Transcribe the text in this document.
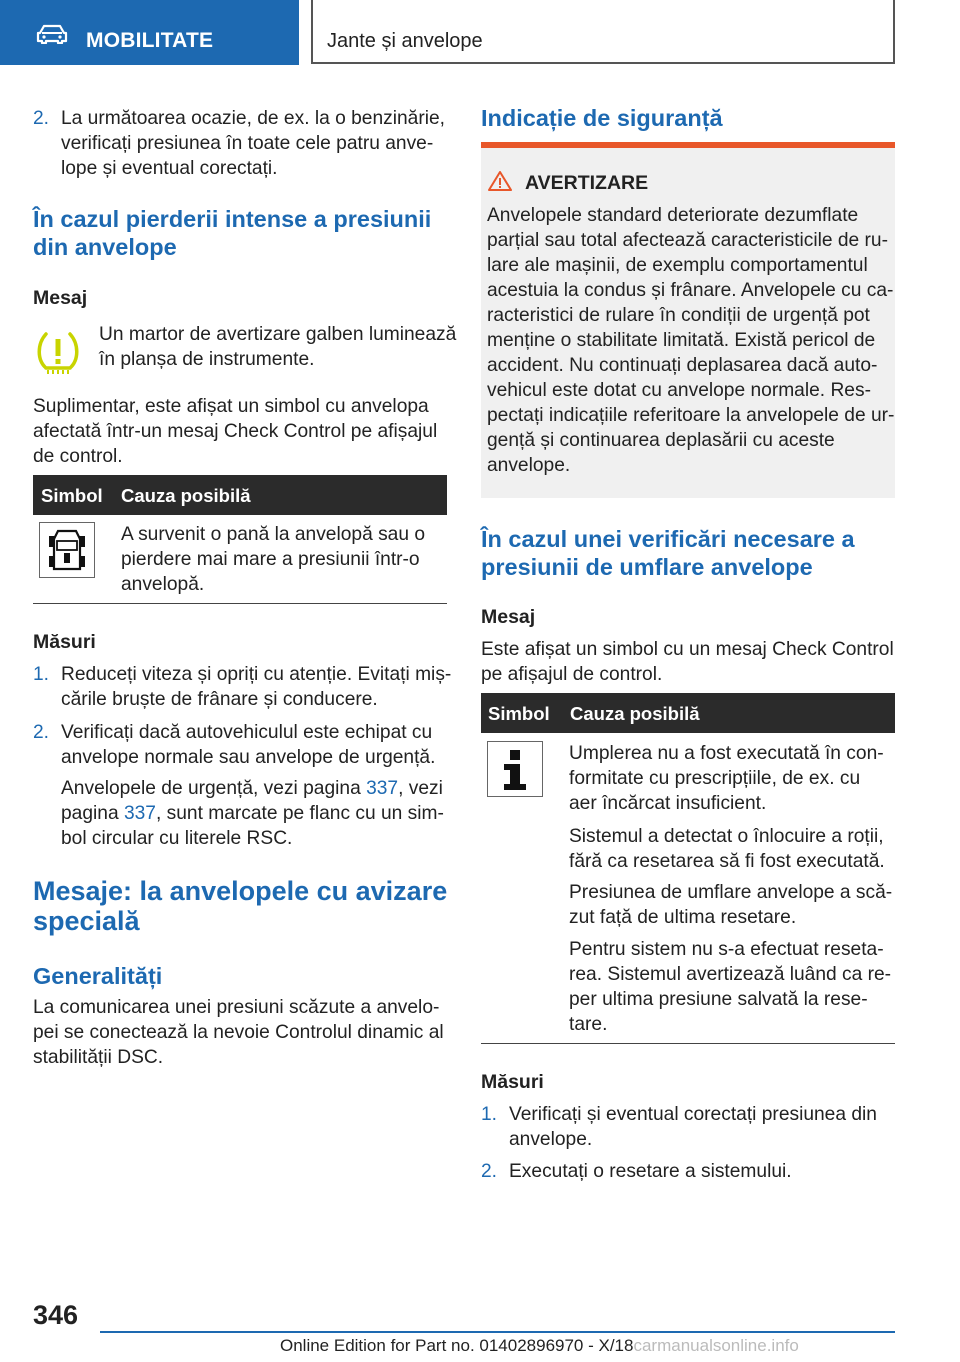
MOBILITATE	Jante și anvelope
2. La următoarea ocazie, de ex. la o benzinărie,
verificați presiunea în toate cele patru anve-
lope și eventual corectați.
În cazul pierderii intense a presiunii
din anvelope
Mesaj
Un martor de avertizare galben luminează
în planșa de instrumente.
Suplimentar, este afișat un simbol cu anvelopa
afectată într-un mesaj Check Control pe afișajul
de control.
Simbol Cauza posibilă
A survenit o pană la anvelopă sau o
pierdere mai mare a presiunii într-o
anvelopă.
Măsuri
1. Reduceți viteza și opriți cu atenție. Evitați miș-
cările bruște de frânare și conducere.
2. Verificați dacă autovehiculul este echipat cu
anvelope normale sau anvelope de urgență.
Anvelopele de urgență, vezi pagina 337, vezi
pagina 337, sunt marcate pe flanc cu un sim-
bol circular cu literele RSC.
Mesaje: la anvelopele cu avizare
specială
Generalități
La comunicarea unei presiuni scăzute a anvelo-
pei se conectează la nevoie Controlul dinamic al
stabilității DSC.
Indicație de siguranță
AVERTIZARE
Anvelopele standard deteriorate dezumflate
parțial sau total afectează caracteristicile de ru-
lare ale mașinii, de exemplu comportamentul
acestuia la condus și frânare. Anvelopele cu ca-
racteristici de rulare în condiții de urgență pot
menține o stabilitate limitată. Există pericol de
accident. Nu continuați deplasarea dacă auto-
vehicul este dotat cu anvelope normale. Res-
pectați indicațiile referitoare la anvelopele de ur-
gență și continuarea deplasării cu aceste
anvelope.
În cazul unei verificări necesare a
presiunii de umflare anvelope
Mesaj
Este afișat un simbol cu un mesaj Check Control
pe afișajul de control.
Simbol Cauza posibilă
Umplerea nu a fost executată în con-
formitate cu prescripțiile, de ex. cu
aer încărcat insuficient.
Sistemul a detectat o înlocuire a roții,
fără ca resetarea să fi fost executată.
Presiunea de umflare anvelope a scă-
zut față de ultima resetare.
Pentru sistem nu s-a efectuat reseta-
rea. Sistemul avertizează luând ca re-
per ultima presiune salvată la rese-
tare.
Măsuri
1. Verificați și eventual corectați presiunea din
anvelope.
2. Executați o resetare a sistemului.
346
Online Edition for Part no. 01402896970 - X/18carmanualsonline.info
